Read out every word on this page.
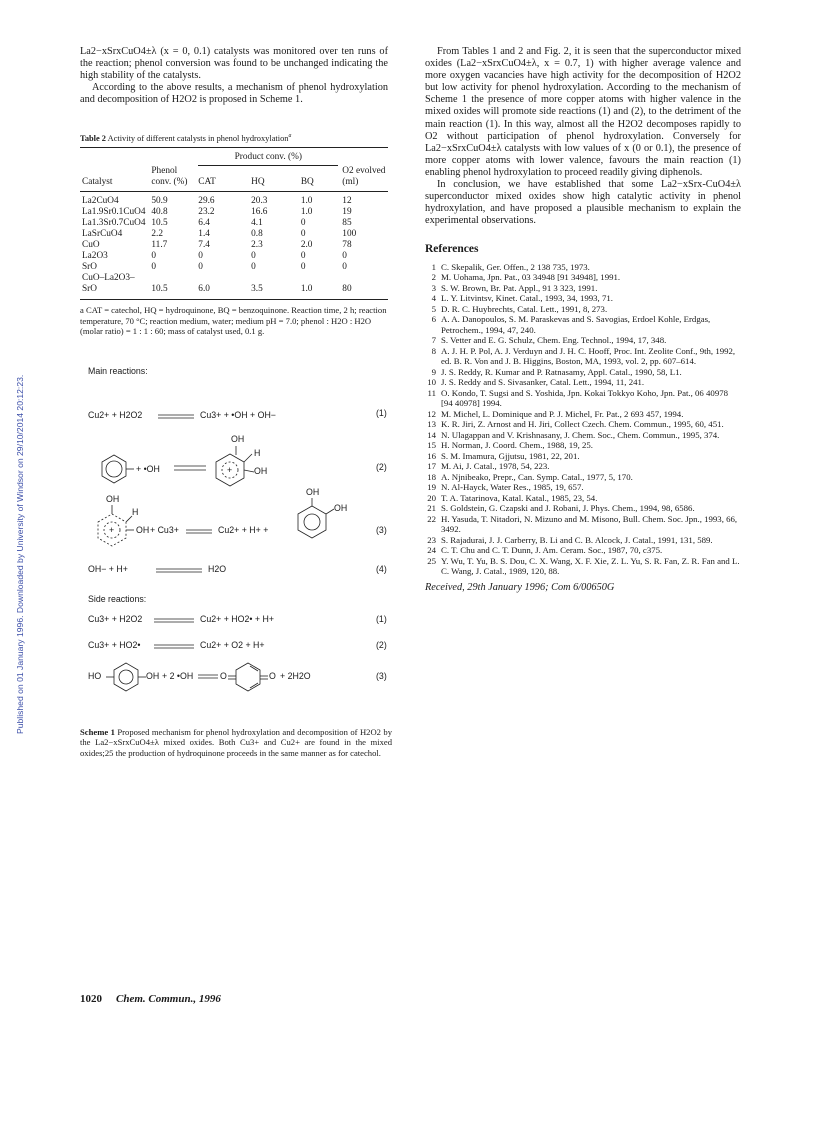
Published on 01 January 1996. Downloaded by University of Windsor on 29/10/2014 20:12:23.

La2−xSrxCuO4±λ (x = 0, 0.1) catalysts was monitored over ten runs of the reaction; phenol conversion was found to be unchanged indicating the high stability of the catalysts.

According to the above results, a mechanism of phenol hydroxylation and decomposition of H2O2 is proposed in Scheme 1.

Table 2 Activity of different catalysts in phenol hydroxylation$^a$

		Product conv. (%)		

Catalyst	Phenol conv. (%)	CAT	HQ	BQ	O2 evolved (ml)
La2CuO4	50.9	29.6	20.3	1.0	12
La1.9Sr0.1CuO4	40.8	23.2	16.6	1.0	19
La1.3Sr0.7CuO4	10.5	6.4	4.1	0	85
LaSrCuO4	2.2	1.4	0.8	0	100
CuO	11.7	7.4	2.3	2.0	78
La2O3	0	0	0	0	0
SrO	0	0	0	0	0
CuO–La2O3–SrO	10.5	6.0	3.5	1.0	80

a CAT = catechol, HQ = hydroquinone, BQ = benzoquinone. Reaction time, 2 h; reaction temperature, 70 °C; reaction medium, water; medium pH = 7.0; phenol : H2O : H2O (molar ratio) = 1 : 1 : 60; mass of catalyst used, 0.1 g.

Main reactions:
Cu2+ + H2O2	Cu3+ + •OH + OH−	(1)
+ •OH
OH
H
OH
+	(2)
OH
H
+ OH + Cu3+	Cu2+ + H+ +
OH
OH
(3)
OH− + H+	H2O	(4)
Side reactions:
Cu3+ + H2O2	Cu2+ + HO2• + H+	(1)
Cu3+ + HO2•	Cu2+ + O2 + H+	(2)
HO	OH + 2 •OH	O	O + 2H2O	(3)
Scheme 1 Proposed mechanism for phenol hydroxylation and decomposition of H2O2 by the La2−xSrxCuO4±λ mixed oxides. Both Cu3+ and Cu2+ are found in the mixed oxides;25 the production of hydroquinone proceeds in the same manner as for catechol.

From Tables 1 and 2 and Fig. 2, it is seen that the superconductor mixed oxides (La2−xSrxCuO4±λ, x = 0.7, 1) with higher average valence and more oxygen vacancies have high activity for the decomposition of H2O2 but low activity for phenol hydroxylation. According to the mechanism of Scheme 1 the presence of more copper atoms with higher valence in the mixed oxides will promote side reactions (1) and (2), to the detriment of the main reaction (1). In this way, almost all the H2O2 decomposes rapidly to O2 without participation of phenol hydroxylation. Conversely for La2−xSrxCuO4±λ catalysts with low values of x (0 or 0.1), the presence of more copper atoms with lower valence, favours the main reaction (1) enabling phenol hydroxylation to proceed readily giving diphenols.

In conclusion, we have established that some La2−xSrx-CuO4±λ superconductor mixed oxides show high catalytic activity in phenol hydroxylation, and have proposed a plausible mechanism to explain the experimental observations.

References
1 C. Skepalik, Ger. Offen., 2 138 735, 1973.
2 M. Uohama, Jpn. Pat., 03 34948 [91 34948], 1991.
3 S. W. Brown, Br. Pat. Appl., 91 3 323, 1991.
4 L. Y. Litvintsv, Kinet. Catal., 1993, 34, 1993, 71.
5 D. R. C. Huybrechts, Catal. Lett., 1991, 8, 273.
6 A. A. Danopoulos, S. M. Paraskevas and S. Savogias, Erdoel Kohle, Erdgas, Petrochem., 1994, 47, 240.
7 S. Vetter and E. G. Schulz, Chem. Eng. Technol., 1994, 17, 348.
8 A. J. H. P. Pol, A. J. Verduyn and J. H. C. Hooff, Proc. Int. Zeolite Conf., 9th, 1992, ed. B. R. Von and J. B. Higgins, Boston, MA, 1993, vol. 2, pp. 607–614.
9 J. S. Reddy, R. Kumar and P. Ratnasamy, Appl. Catal., 1990, 58, L1.
10 J. S. Reddy and S. Sivasanker, Catal. Lett., 1994, 11, 241.
11 O. Kondo, T. Sugsi and S. Yoshida, Jpn. Kokai Tokkyo Koho, Jpn. Pat., 06 40978 [94 40978] 1994.
12 M. Michel, L. Dominique and P. J. Michel, Fr. Pat., 2 693 457, 1994.
13 K. R. Jiri, Z. Arnost and H. Jiri, Collect Czech. Chem. Commun., 1995, 60, 451.
14 N. Ulagappan and V. Krishnasany, J. Chem. Soc., Chem. Commun., 1995, 374.
15 H. Norman, J. Coord. Chem., 1988, 19, 25.
16 S. M. Imamura, Gjjutsu, 1981, 22, 201.
17 M. Ai, J. Catal., 1978, 54, 223.
18 A. Njnibeako, Prepr., Can. Symp. Catal., 1977, 5, 170.
19 N. Al-Hayck, Water Res., 1985, 19, 657.
20 T. A. Tatarinova, Katal. Katal., 1985, 23, 54.
21 S. Goldstein, G. Czapski and J. Robani, J. Phys. Chem., 1994, 98, 6586.
22 H. Yasuda, T. Nitadori, N. Mizuno and M. Misono, Bull. Chem. Soc. Jpn., 1993, 66, 3492.
23 S. Rajadurai, J. J. Carberry, B. Li and C. B. Alcock, J. Catal., 1991, 131, 589.
24 C. T. Chu and C. T. Dunn, J. Am. Ceram. Soc., 1987, 70, c375.
25 Y. Wu, T. Yu, B. S. Dou, C. X. Wang, X. F. Xie, Z. L. Yu, S. R. Fan, Z. R. Fan and L. C. Wang, J. Catal., 1989, 120, 88.

Received, 29th January 1996; Com 6/00650G

1020 Chem. Commun., 1996
